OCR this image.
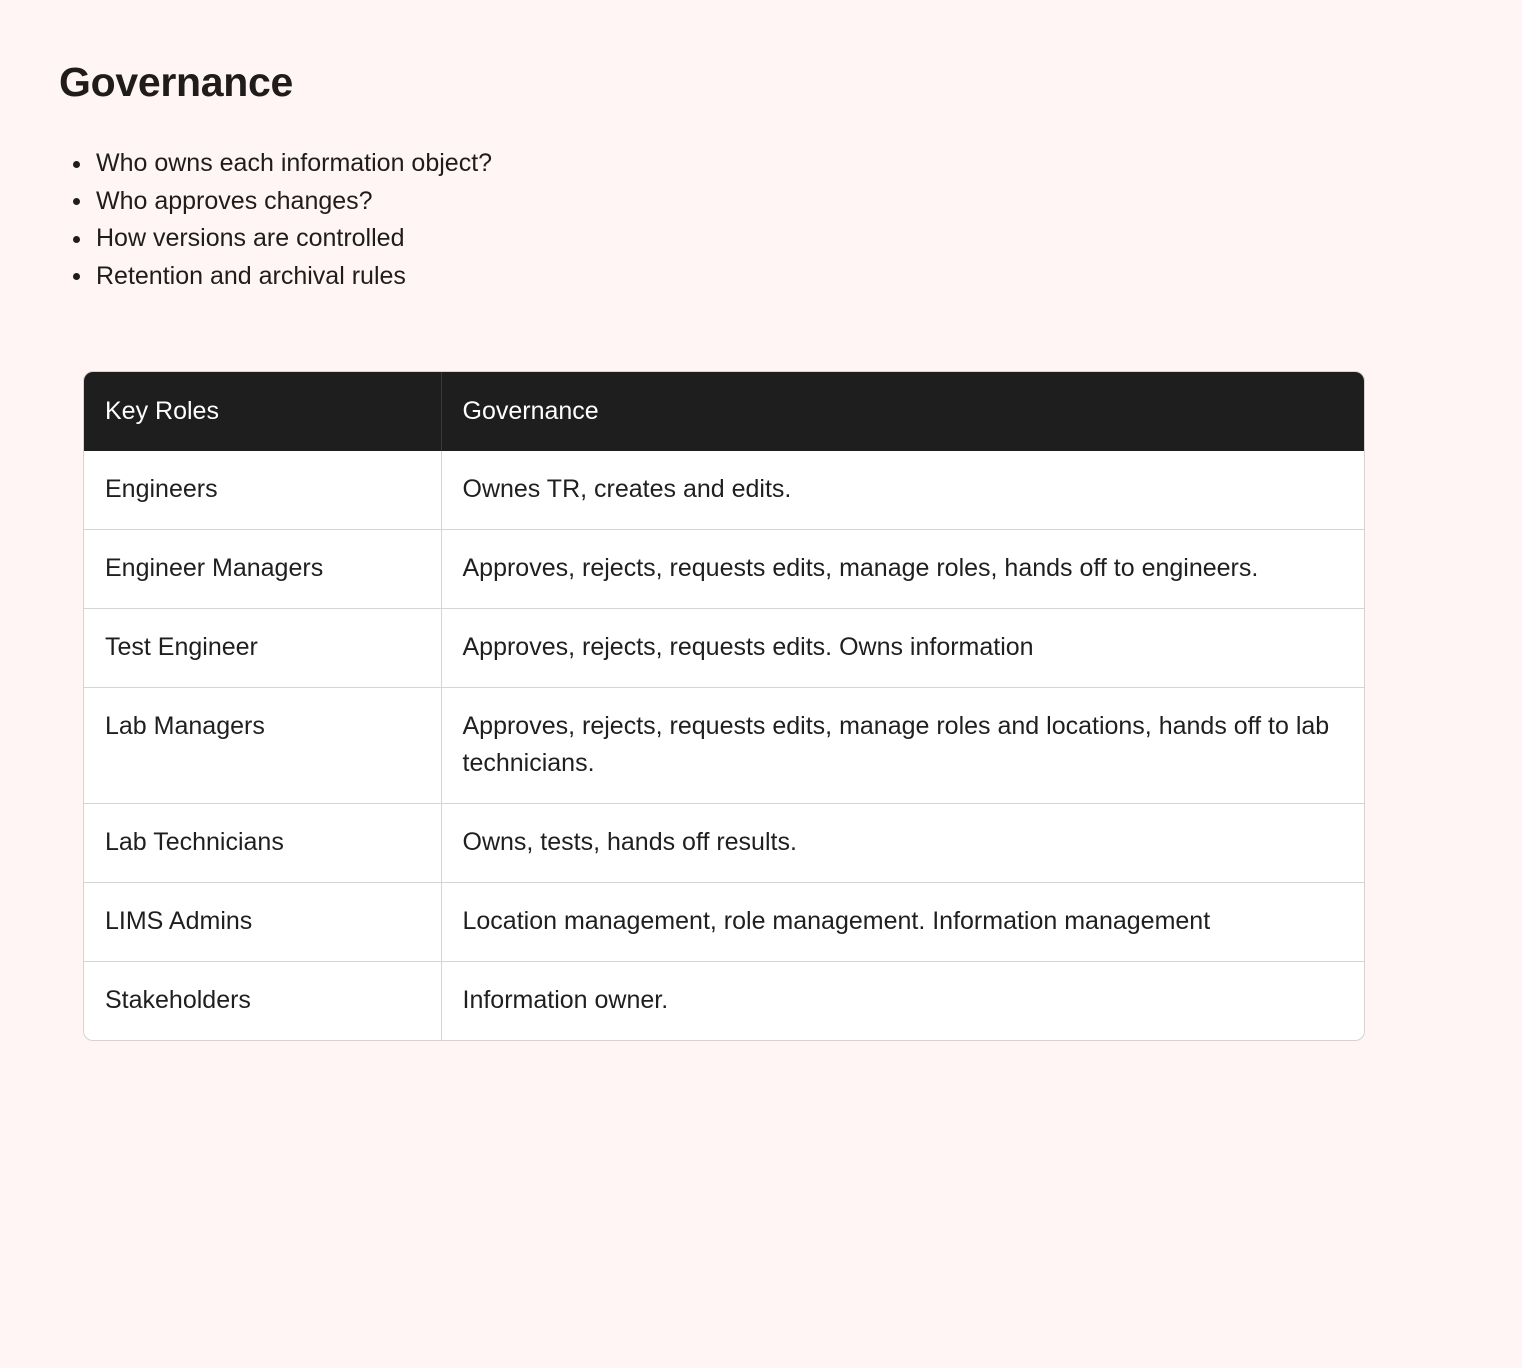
Governance
Who owns each information object?
Who approves changes?
How versions are controlled
Retention and archival rules
Key Roles	Governance
Engineers	Ownes TR, creates and edits.
Engineer Managers	Approves, rejects, requests edits, manage roles, hands off to engineers.
Test Engineer	Approves, rejects, requests edits. Owns information
Lab Managers	Approves, rejects, requests edits, manage roles and locations, hands off to lab technicians.
Lab Technicians	Owns, tests, hands off results.
LIMS Admins	Location management, role management. Information management
Stakeholders	Information owner.
